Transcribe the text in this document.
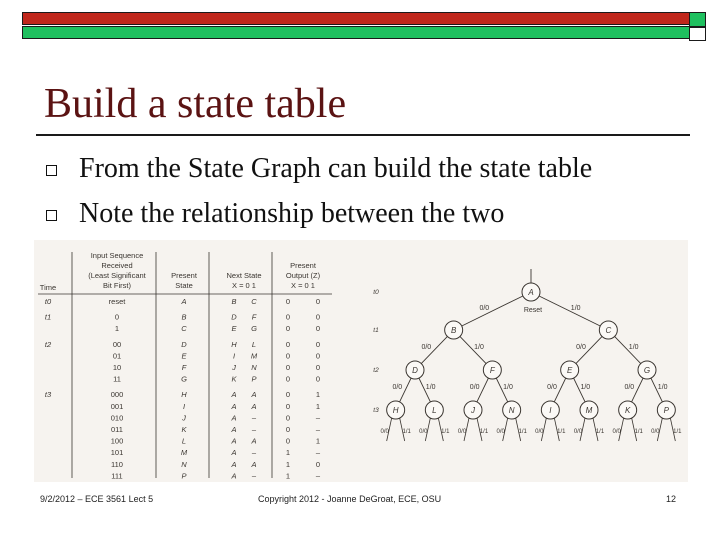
Build a state table
From the State Graph can build the state table
Note the relationship between the two
Input Sequence
Received
(Least Significant
Bit First)
Present
State
Next State
X = 0 1
Present
Output (Z)
X = 0 1
Time
t0	reset	A	B C	0	0
t1	0	B	D F	0	0
1	C	E G	0	0
t2	00	D	H L	0	0
01	E	I M	0	0
10	F	J N	0	0
11	G	K P	0	0
t3	000	H	A A	0	1
001	I	A A	0	1
010	J	A –	0	–
011	K	A –	0	–
100	L	A A	0	1
101	M	A –	1	–
110	N	A A	1	0
111	P	A –	1	–
0/0	1/0
0/0	1/0	0/0	1/0
0/0	1/0	0/0	1/0	0/0	1/0	0/0	1/0
0/0 1/1 0/0 1/1 0/0 1/1 0/0 1/1 0/0 1/1 0/0 1/1 0/0 1/1 0/0 1/1
A
B	C
D	F	E	G
H	L	J	N	I	M	K	P
Reset
t0
t1
t2
t3
9/2/2012 – ECE 3561 Lect 5	Copyright 2012 - Joanne DeGroat, ECE, OSU	12
